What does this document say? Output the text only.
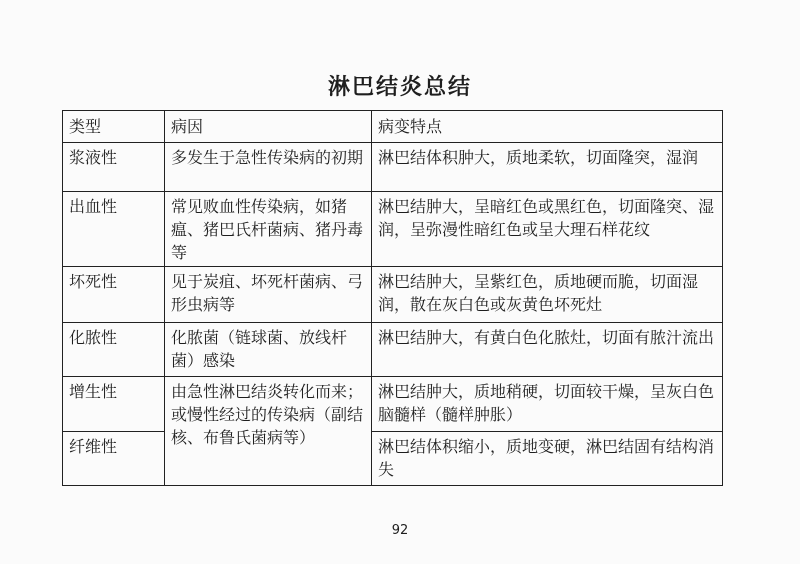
淋巴结炎总结
类型	病因	病变特点
浆液性	多发生于急性传染病的初期	淋巴结体积肿大，质地柔软，切面隆突，湿润
出血性	常见败血性传染病，如猪瘟、猪巴氏杆菌病、猪丹毒等	淋巴结肿大，呈暗红色或黑红色，切面隆突、湿润，呈弥漫性暗红色或呈大理石样花纹
坏死性	见于炭疽、坏死杆菌病、弓形虫病等	淋巴结肿大，呈紫红色，质地硬而脆，切面湿润，散在灰白色或灰黄色坏死灶
化脓性	化脓菌（链球菌、放线杆菌）感染	淋巴结肿大，有黄白色化脓灶，切面有脓汁流出
增生性	由急性淋巴结炎转化而来；或慢性经过的传染病（副结核、布鲁氏菌病等）	淋巴结肿大，质地稍硬，切面较干燥，呈灰白色脑髓样（髓样肿胀）
纤维性		淋巴结体积缩小，质地变硬，淋巴结固有结构消失
92
